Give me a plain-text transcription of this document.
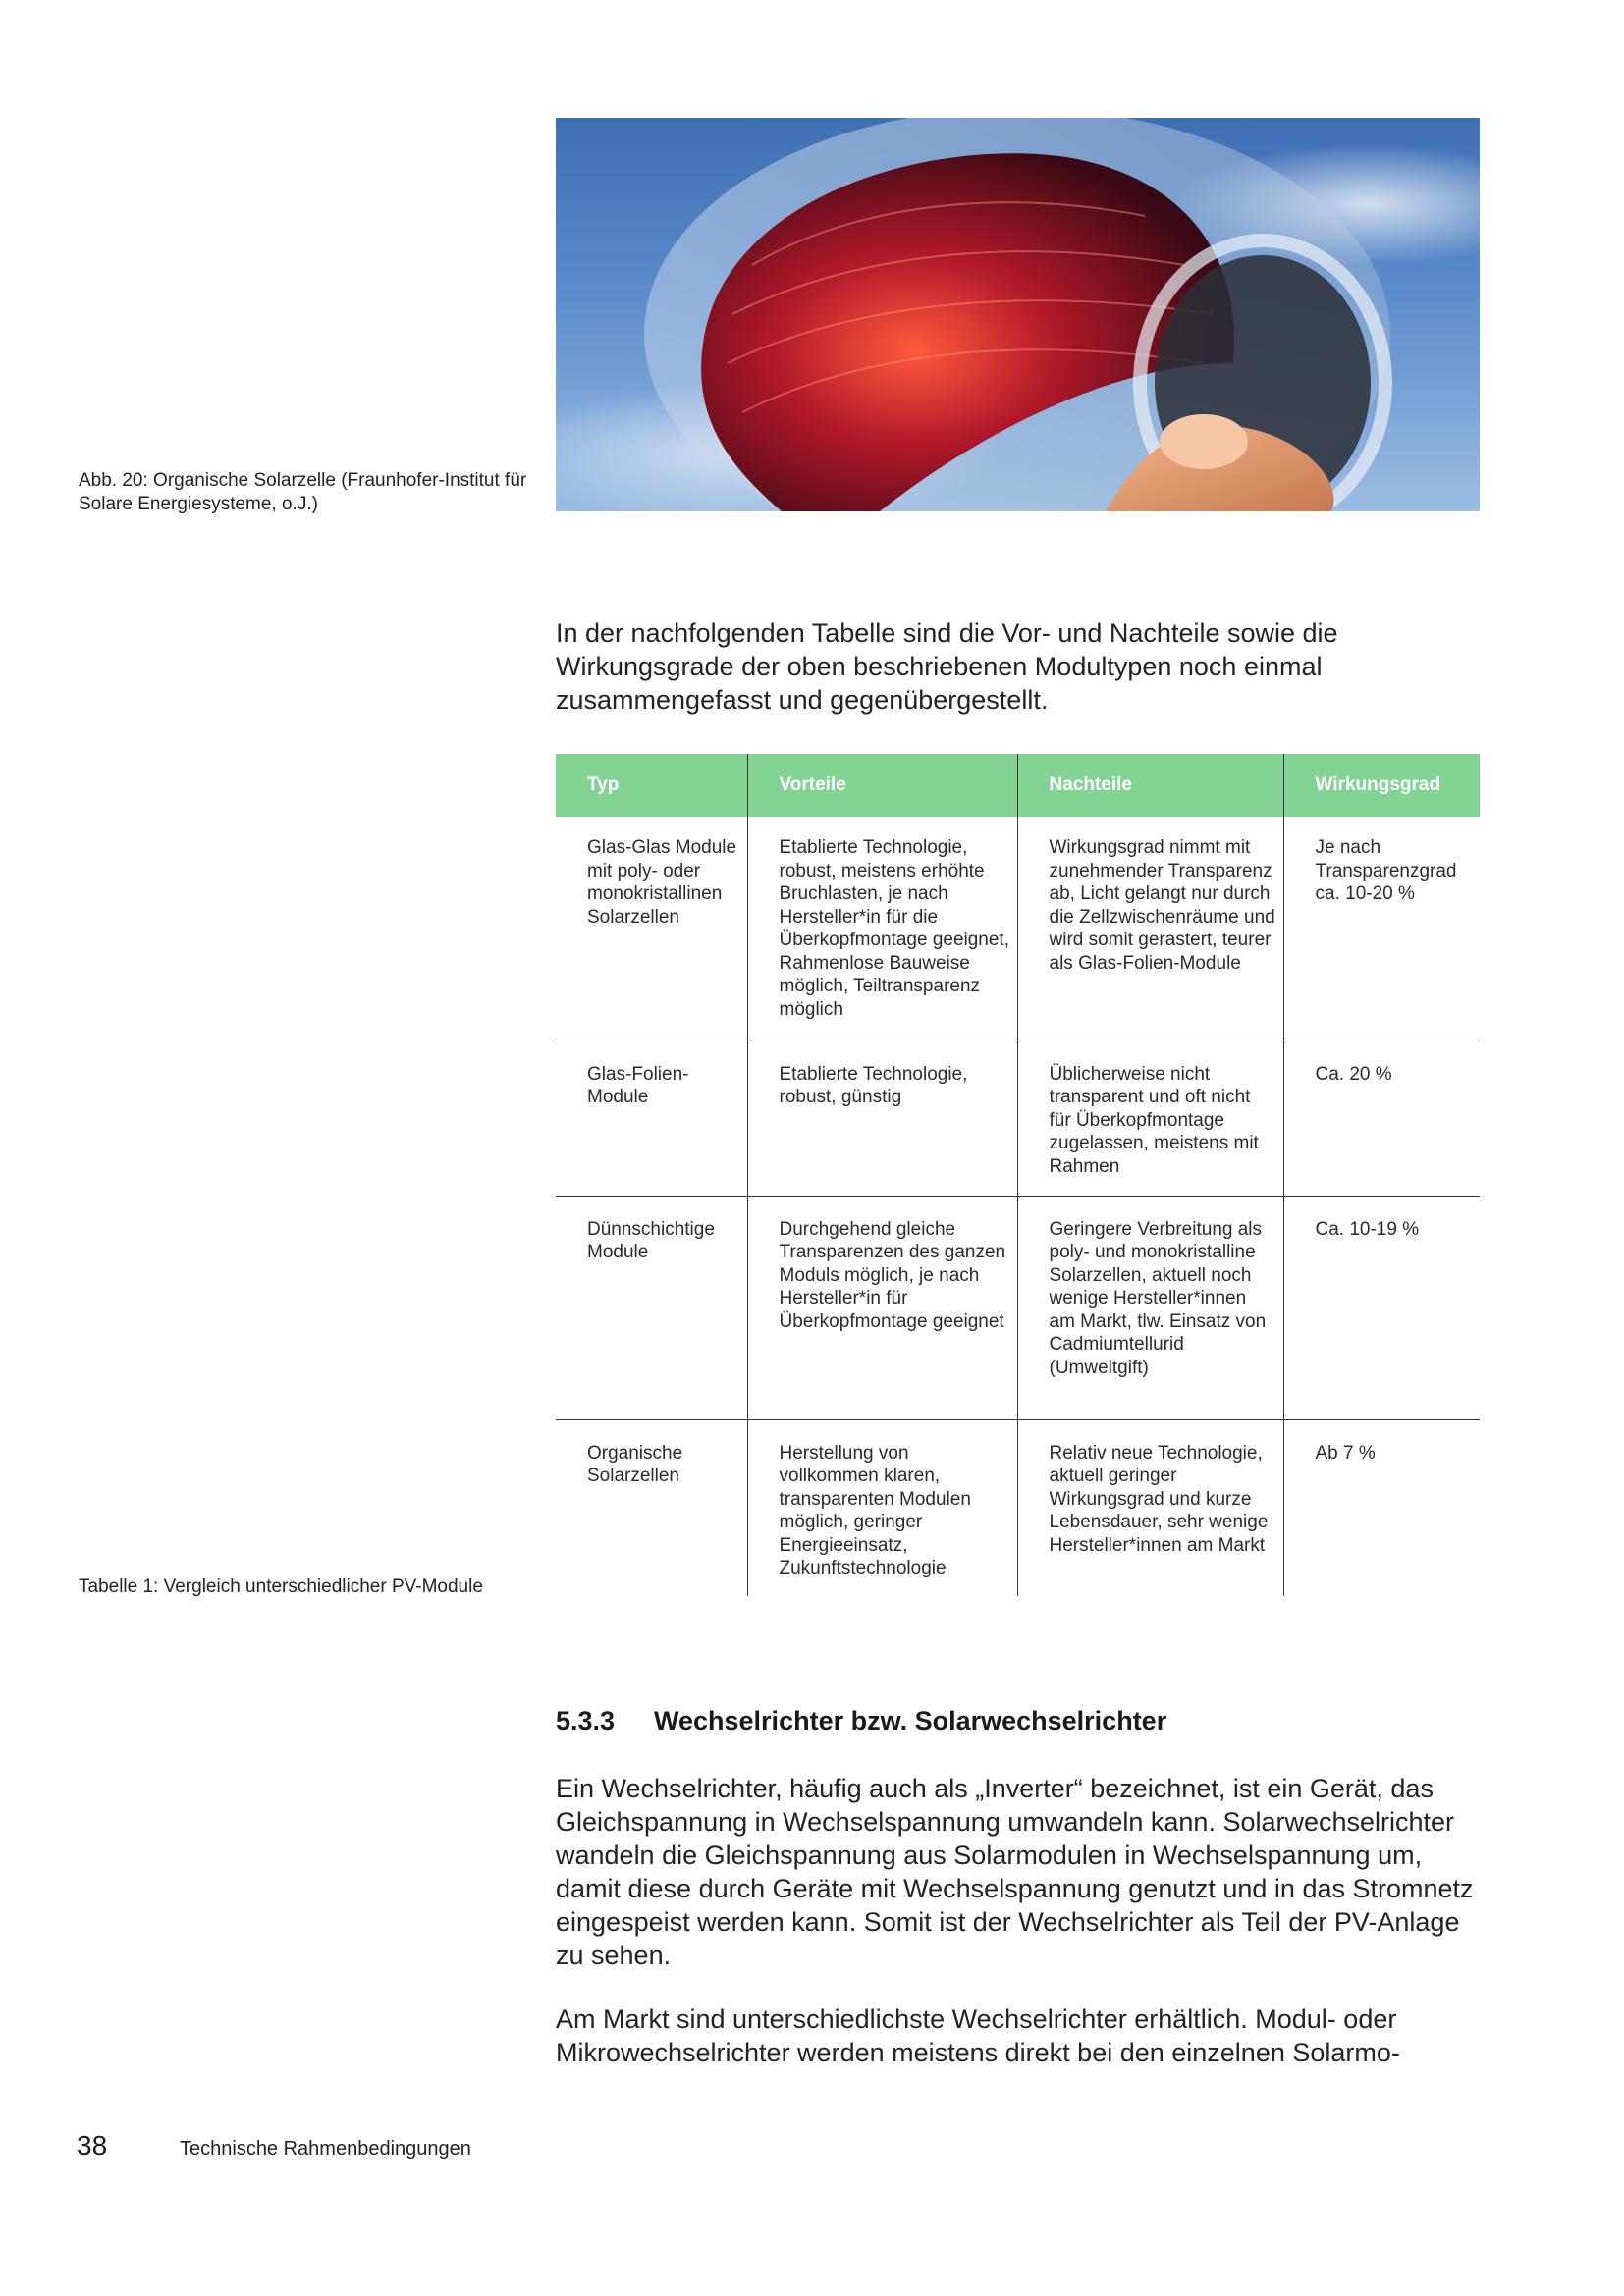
Abb. 20: Organische Solarzelle (Fraunhofer-Institut für Solare Energiesysteme, o.J.)

In der nachfolgenden Tabelle sind die Vor- und Nachteile sowie die Wirkungsgrade der oben beschriebenen Modultypen noch einmal zusammengefasst und gegenübergestellt.

Typ	Vorteile	Nachteile	Wirkungsgrad
Glas-Glas Module mit poly- oder monokristallinen Solarzellen	Etablierte Technologie, robust, meistens erhöhte Bruchlasten, je nach Hersteller*in für die Überkopfmontage geeignet, Rahmenlose Bauweise möglich, Teiltransparenz möglich	Wirkungsgrad nimmt mit zunehmender Transparenz ab, Licht gelangt nur durch die Zellzwischenräume und wird somit gerastert, teurer als Glas-Folien-Module	Je nach Transparenzgrad ca. 10-20 %
Glas-Folien-Module	Etablierte Technologie, robust, günstig	Üblicherweise nicht transparent und oft nicht für Überkopfmontage zugelassen, meistens mit Rahmen	Ca. 20 %
Dünnschichtige Module	Durchgehend gleiche Transparenzen des ganzen Moduls möglich, je nach Hersteller*in für Überkopfmontage geeignet	Geringere Verbreitung als poly- und monokristalline Solarzellen, aktuell noch wenige Hersteller*innen am Markt, tlw. Einsatz von Cadmiumtellurid (Umweltgift)	Ca. 10-19 %
Organische Solarzellen	Herstellung von vollkommen klaren, transparenten Modulen möglich, geringer Energieeinsatz, Zukunftstechnologie	Relativ neue Technologie, aktuell geringer Wirkungsgrad und kurze Lebensdauer, sehr wenige Hersteller*innen am Markt	Ab 7 %

Tabelle 1: Vergleich unterschiedlicher PV-Module

5.3.3 Wechselrichter bzw. Solarwechselrichter

Ein Wechselrichter, häufig auch als „Inverter“ bezeichnet, ist ein Gerät, das Gleichspannung in Wechselspannung umwandeln kann. Solarwechselrichter wandeln die Gleichspannung aus Solarmodulen in Wechselspannung um, damit diese durch Geräte mit Wechselspannung genutzt und in das Stromnetz eingespeist werden kann. Somit ist der Wechselrichter als Teil der PV-Anlage zu sehen.

Am Markt sind unterschiedlichste Wechselrichter erhältlich. Modul- oder Mikrowechselrichter werden meistens direkt bei den einzelnen Solarmo-

38	Technische Rahmenbedingungen
